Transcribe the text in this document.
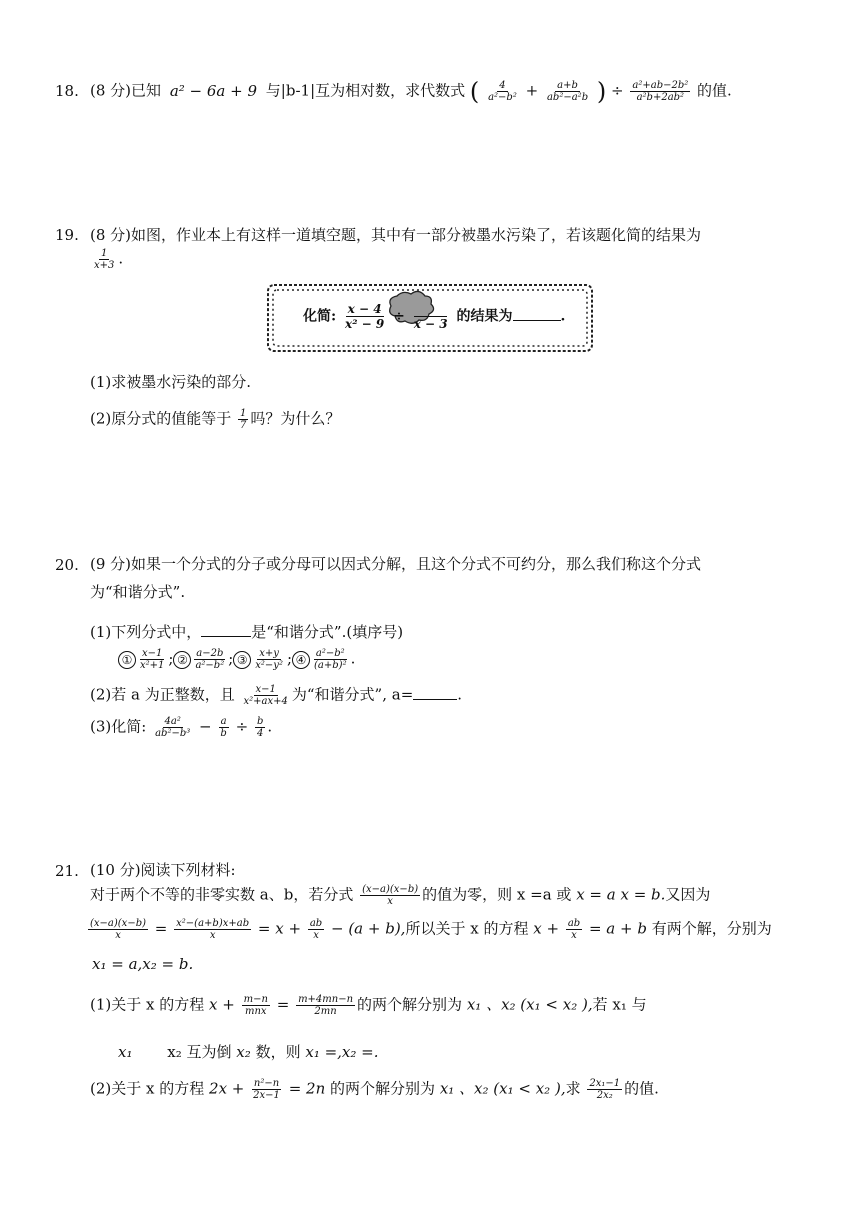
18. (8 分)已知 a² − 6a + 9 与|b-1|互为相对数，求代数式 ( $\frac{4}{\text{a²−b²}} + \frac{a+b}{\text{ab²−a²b}}$ ) ÷ $\frac{\text{a²+ab−2b²}}{\text{a²b+2ab²}}$ 的值.
19. (8 分)如图，作业本上有这样一道填空题，其中有一部分被墨水污染了，若该题化简的结果为
$\frac{1}{x+3}$ .
化简: $\frac{x - 4}{\text{x² − 9}} \div x - 3$ 的结果为	.
(1)求被墨水污染的部分.
(2)原分式的值能等于 $\frac{1}{7}$ 吗？为什么？
20. (9 分)如果一个分式的分子或分母可以因式分解，且这个分式不可约分，那么我们称这个分式
为“和谐分式”.
(1)下列分式中，	是“和谐分式”.(填序号)
① $\frac{x-1}{\text{x²+1}}$ ; ② $\frac{a-2b}{\text{a²−b²}}$ ; ③ $\frac{x+y}{\text{x²−y²}}$ ; ④ $\frac{\text{a²−b²}}{\text{(a+b)²}}$ .
(2)若 a 为正整数，且 $\frac{x-1}{\text{x²+ax+4}}$ 为“和谐分式”, a=	.
(3)化简: $\frac{\text{4a²}}{\text{ab²−b³}} - \frac{a}{b} \div \frac{b}{4}$ .
21. (10 分)阅读下列材料:
对于两个不等的非零实数 a、b，若分式 $\frac{(x-a)(x-b)}{x}$ 的值为零，则 x =a 或 x = a x = b.又因为
$\frac{(x-a)(x-b)}{x} = \frac{\text{x²−(a+b)x+ab}}{x} = x + \frac{ab}{x} - (a + b)$,所以关于 x 的方程 $x + \frac{ab}{x} = a + b$ 有两个解，分别为
x₁ = a,x₂ = b.
(1)关于 x 的方程 $x + \frac{m-n}{\text{mnx}} = \frac{m+4mn-n}{2mn}$ 的两个解分别为 x₁ 、x₂ (x₁ < x₂ ),若 x₁ 与
x₁ x₂ 互为倒 x₂ 数，则 x₁ =,x₂ =.
(2)关于 x 的方程 $2x + \frac{\text{n²−n}}{2x-1} = 2n$ 的两个解分别为 x₁ 、x₂ (x₁ < x₂ ),求 $\frac{\text{2x₁−1}}{\text{2x₂}}$ 的值.
